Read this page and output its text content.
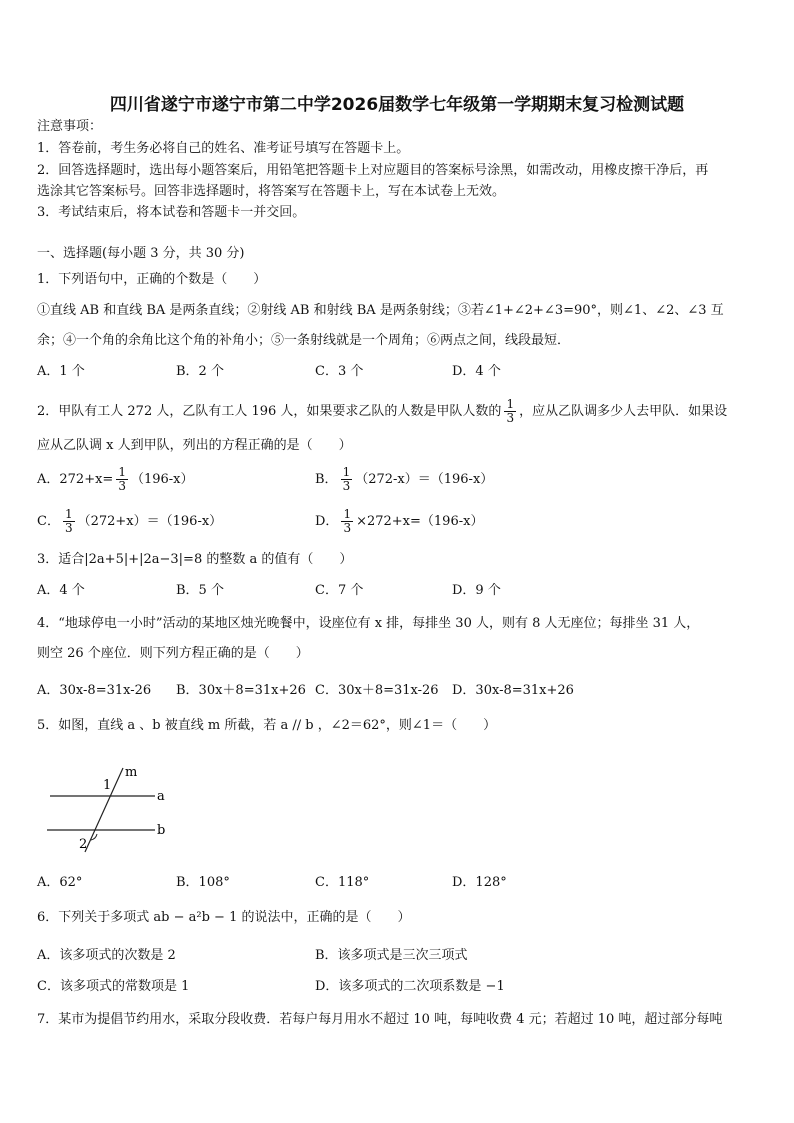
四川省遂宁市遂宁市第二中学2026届数学七年级第一学期期末复习检测试题
注意事项：
1．答卷前，考生务必将自己的姓名、准考证号填写在答题卡上。
2．回答选择题时，选出每小题答案后，用铅笔把答题卡上对应题目的答案标号涂黑，如需改动，用橡皮擦干净后，再
选涂其它答案标号。回答非选择题时，将答案写在答题卡上，写在本试卷上无效。
3．考试结束后，将本试卷和答题卡一并交回。
一、选择题(每小题 3 分，共 30 分)
1．下列语句中，正确的个数是（　　）
①直线 AB 和直线 BA 是两条直线；②射线 AB 和射线 BA 是两条射线；③若∠1+∠2+∠3=90°，则∠1、∠2、∠3 互
余；④一个角的余角比这个角的补角小；⑤一条射线就是一个周角；⑥两点之间，线段最短．
A．1 个	B．2 个	C．3 个	D．4 个
2．甲队有工人 272 人，乙队有工人 196 人，如果要求乙队的人数是甲队人数的 $\frac{1}{3}$ ，应从乙队调多少人去甲队．如果设
应从乙队调 x 人到甲队，列出的方程正确的是（　　）
A．$272+x= \frac{1}{3} (196-x)$	B． $\frac{1}{3} (272-x)=(196-x)$
C． $\frac{1}{3} (272+x)=(196-x)$	D． $\frac{1}{3} \times 272+x=(196-x)$
3．适合|2a+5|+|2a−3|=8 的整数 a 的值有（　　）
A．4 个	B．5 个	C．7 个	D．9 个
4．“地球停电一小时”活动的某地区烛光晚餐中，设座位有 x 排，每排坐 30 人，则有 8 人无座位；每排坐 31 人，
则空 26 个座位．则下列方程正确的是（　　）
A．30x-8=31x-26 B．30x＋8=31x+26 C．30x＋8=31x-26 D．30x-8=31x+26
5．如图，直线 a 、b 被直线 m 所截，若 a // b ，∠2＝62°，则∠1＝（　　）
m
a
b
1
2
A．62°	B．108°	C．118°	D．128°
6．下列关于多项式 ab − a²b − 1 的说法中，正确的是（　　）
A．该多项式的次数是 2	B．该多项式是三次三项式
C．该多项式的常数项是 1	D．该多项式的二次项系数是 −1
7．某市为提倡节约用水，采取分段收费．若每户每月用水不超过 10 吨，每吨收费 4 元；若超过 10 吨，超过部分每吨
